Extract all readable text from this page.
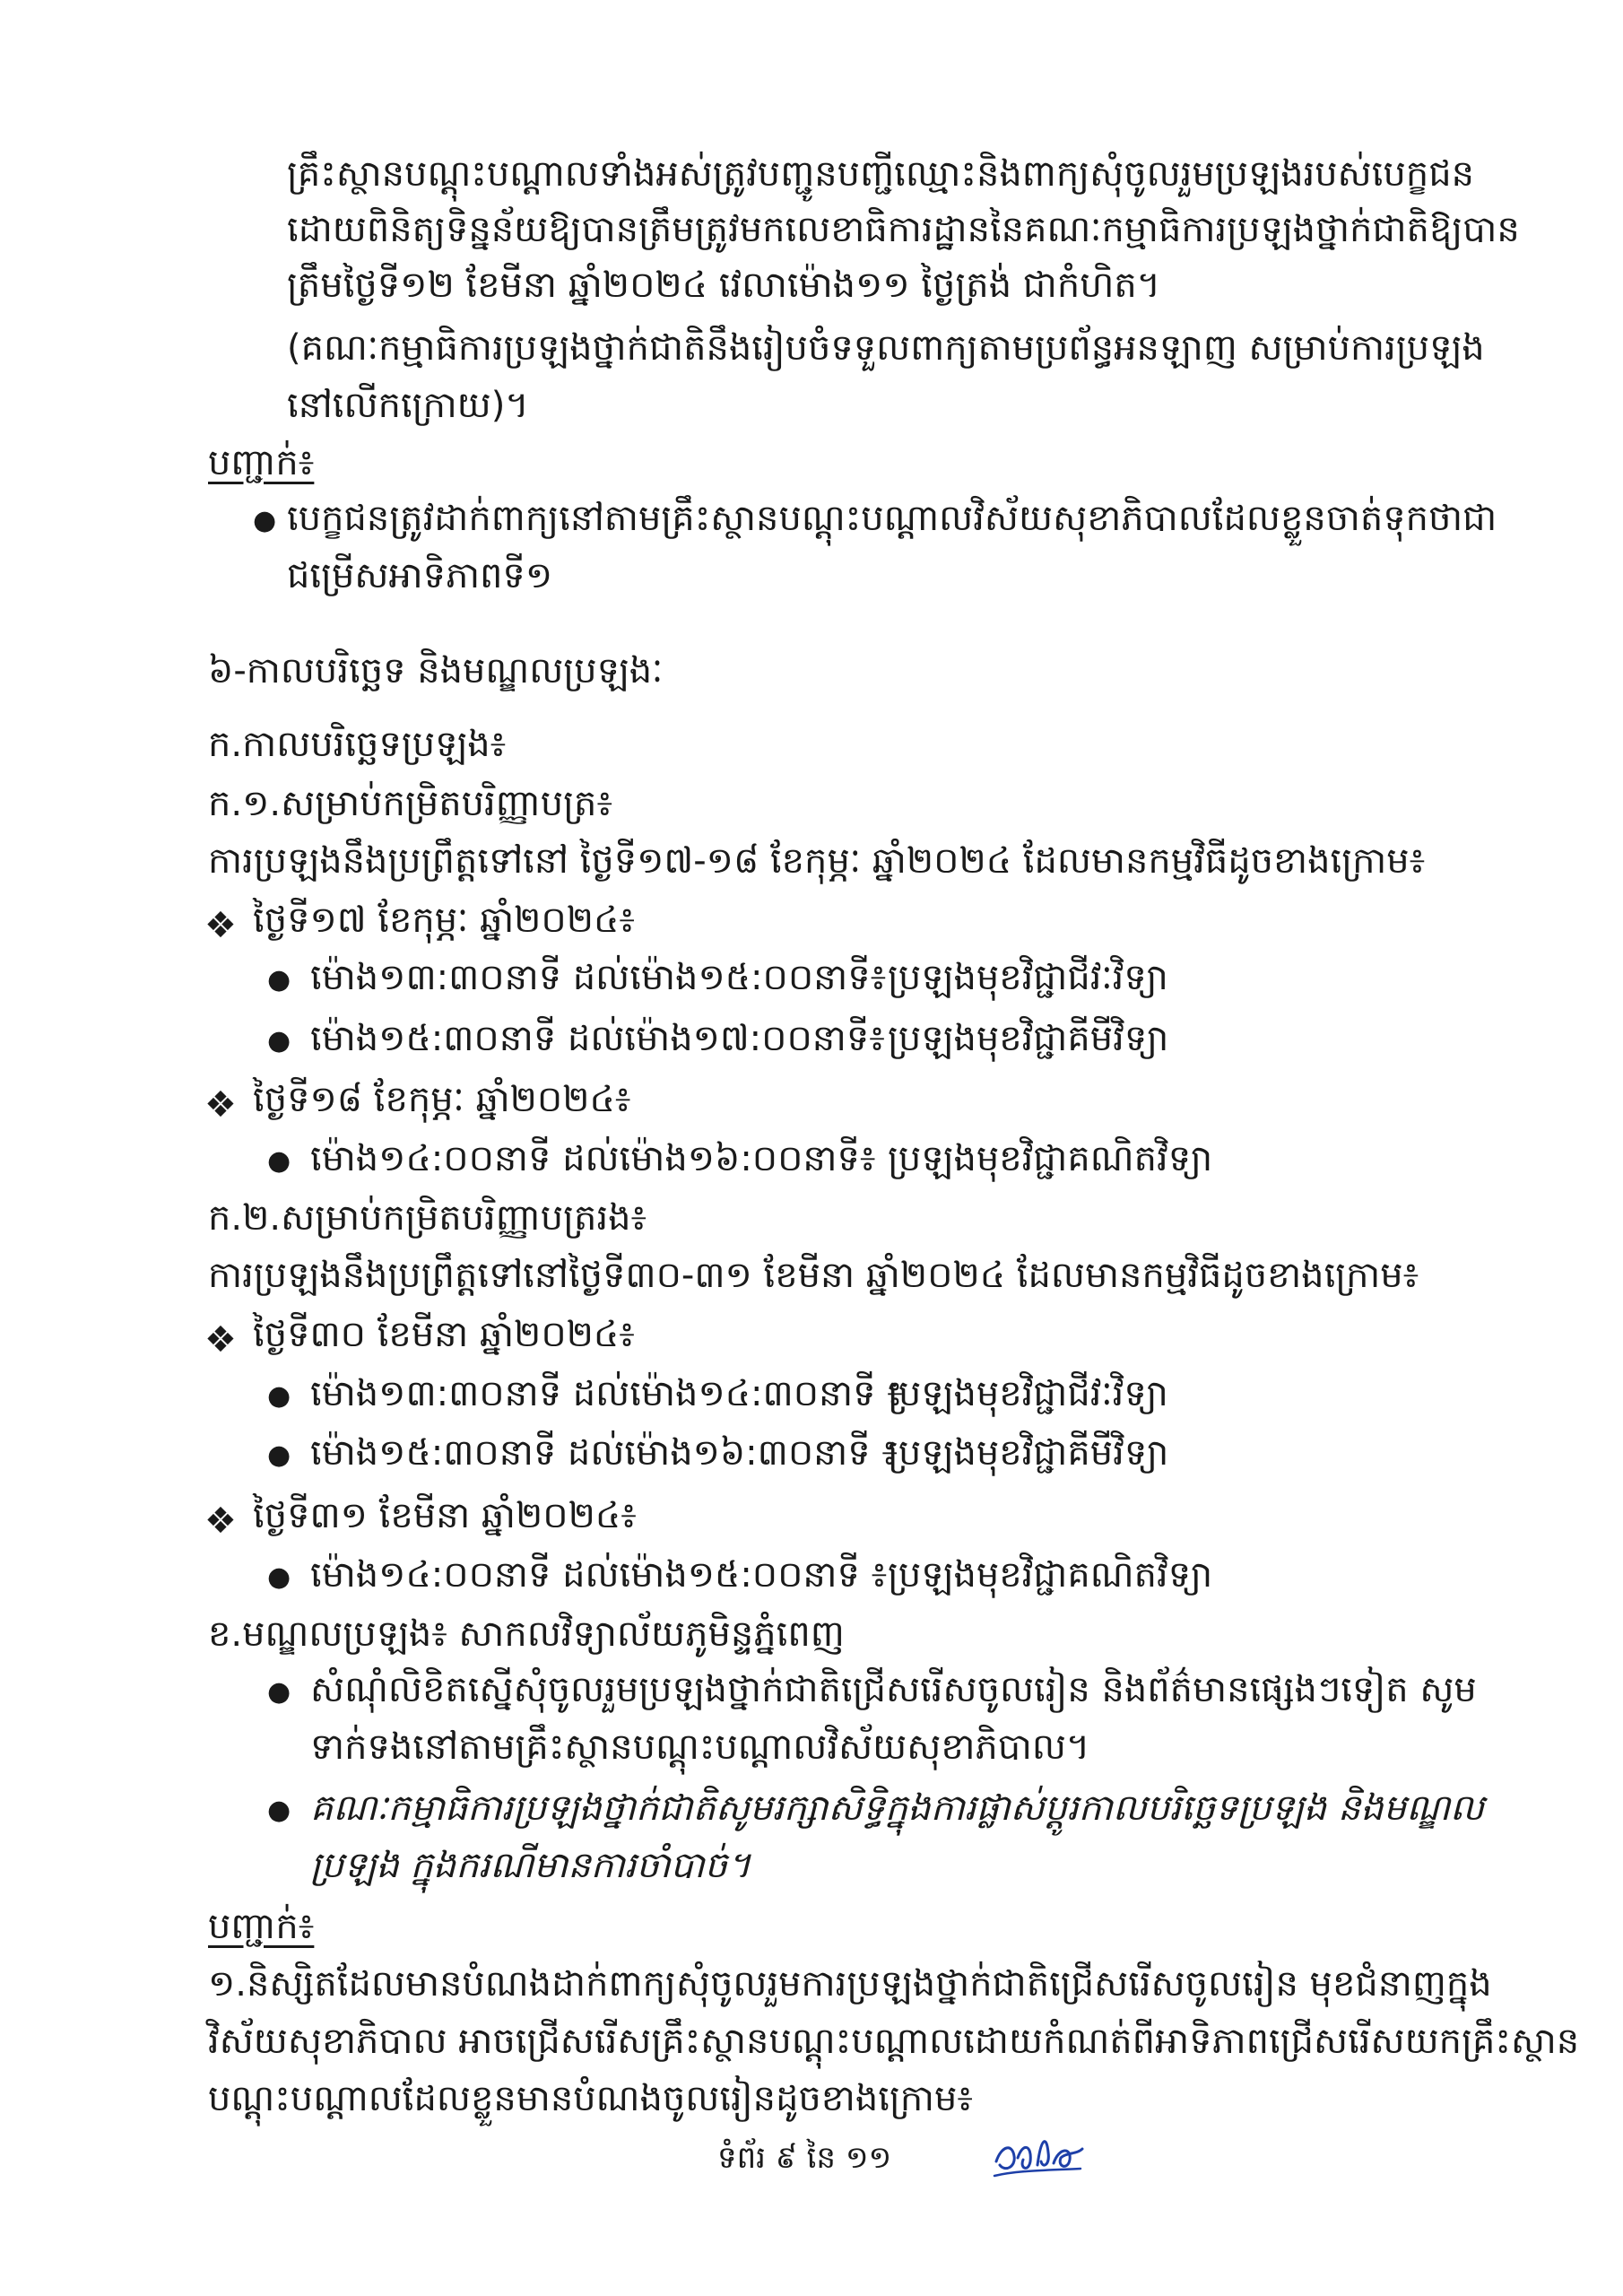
គ្រឹះស្ថានបណ្ដុះបណ្ដាលទាំងអស់ត្រូវបញ្ជូនបញ្ជីឈ្មោះនិងពាក្យសុំចូលរួមប្រឡងរបស់បេក្ខជន
ដោយពិនិត្យទិន្នន័យឱ្យបានត្រឹមត្រូវមកលេខាធិការដ្ឋាននៃគណៈកម្មាធិការប្រឡងថ្នាក់ជាតិឱ្យបាន
ត្រឹមថ្ងៃទី១២ ខែមីនា ឆ្នាំ២០២៤ វេលាម៉ោង១១ ថ្ងៃត្រង់ ជាកំហិត។
(គណៈកម្មាធិការប្រឡងថ្នាក់ជាតិនឹងរៀបចំទទួលពាក្យតាមប្រព័ន្ធអនឡាញ សម្រាប់ការប្រឡង
នៅលើកក្រោយ)។
បញ្ជាក់៖
● បេក្ខជនត្រូវដាក់ពាក្យនៅតាមគ្រឹះស្ថានបណ្ដុះបណ្ដាលវិស័យសុខាភិបាលដែលខ្លួនចាត់ទុកថាជា
ជម្រើសអាទិភាពទី១
៦-កាលបរិច្ឆេទ និងមណ្ឌលប្រឡងៈ
ក.កាលបរិច្ឆេទប្រឡង៖
ក.១.សម្រាប់កម្រិតបរិញ្ញាបត្រ៖
ការប្រឡងនឹងប្រព្រឹត្តទៅនៅ ថ្ងៃទី១៧-១៨ ខែកុម្ភៈ ឆ្នាំ២០២៤ ដែលមានកម្មវិធីដូចខាងក្រោម៖
❖ ថ្ងៃទី១៧ ខែកុម្ភៈ ឆ្នាំ២០២៤៖
● ម៉ោង១៣:៣០នាទី ដល់ម៉ោង១៥:០០នាទី៖ ប្រឡងមុខវិជ្ជាជីវៈវិទ្យា
● ម៉ោង១៥:៣០នាទី ដល់ម៉ោង១៧:០០នាទី៖ ប្រឡងមុខវិជ្ជាគីមីវិទ្យា
❖ ថ្ងៃទី១៨ ខែកុម្ភៈ ឆ្នាំ២០២៤៖
● ម៉ោង១៤:០០នាទី ដល់ម៉ោង១៦:០០នាទី៖ ប្រឡងមុខវិជ្ជាគណិតវិទ្យា
ក.២.សម្រាប់កម្រិតបរិញ្ញាបត្ររង៖
ការប្រឡងនឹងប្រព្រឹត្តទៅនៅថ្ងៃទី៣០-៣១ ខែមីនា ឆ្នាំ២០២៤ ដែលមានកម្មវិធីដូចខាងក្រោម៖
❖ ថ្ងៃទី៣០ ខែមីនា ឆ្នាំ២០២៤៖
● ម៉ោង១៣:៣០នាទី ដល់ម៉ោង១៤:៣០នាទី ៖
ប្រឡងមុខវិជ្ជាជីវៈវិទ្យា
● ម៉ោង១៥:៣០នាទី ដល់ម៉ោង១៦:៣០នាទី ៖
ប្រឡងមុខវិជ្ជាគីមីវិទ្យា
❖ ថ្ងៃទី៣១ ខែមីនា ឆ្នាំ២០២៤៖
● ម៉ោង១៤:០០នាទី ដល់ម៉ោង១៥:០០នាទី ៖ ប្រឡងមុខវិជ្ជាគណិតវិទ្យា
ខ.មណ្ឌលប្រឡង៖ សាកលវិទ្យាល័យភូមិន្ទភ្នំពេញ
● សំណុំលិខិតស្នើសុំចូលរួមប្រឡងថ្នាក់ជាតិជ្រើសរើសចូលរៀន និងព័ត៌មានផ្សេងៗទៀត សូម
ទាក់ទងនៅតាមគ្រឹះស្ថានបណ្ដុះបណ្ដាលវិស័យសុខាភិបាល។
● គណៈកម្មាធិការប្រឡងថ្នាក់ជាតិសូមរក្សាសិទ្ធិក្នុងការផ្លាស់ប្ដូរកាលបរិច្ឆេទប្រឡង និងមណ្ឌល
ប្រឡង ក្នុងករណីមានការចាំបាច់។
បញ្ជាក់៖
១.និស្សិតដែលមានបំណងដាក់ពាក្យសុំចូលរួមការប្រឡងថ្នាក់ជាតិជ្រើសរើសចូលរៀន មុខជំនាញក្នុង
វិស័យសុខាភិបាល អាចជ្រើសរើសគ្រឹះស្ថានបណ្ដុះបណ្ដាលដោយកំណត់ពីអាទិភាពជ្រើសរើសយកគ្រឹះស្ថាន
បណ្ដុះបណ្ដាលដែលខ្លួនមានបំណងចូលរៀនដូចខាងក្រោម៖
ទំព័រ ៩ នៃ ១១
